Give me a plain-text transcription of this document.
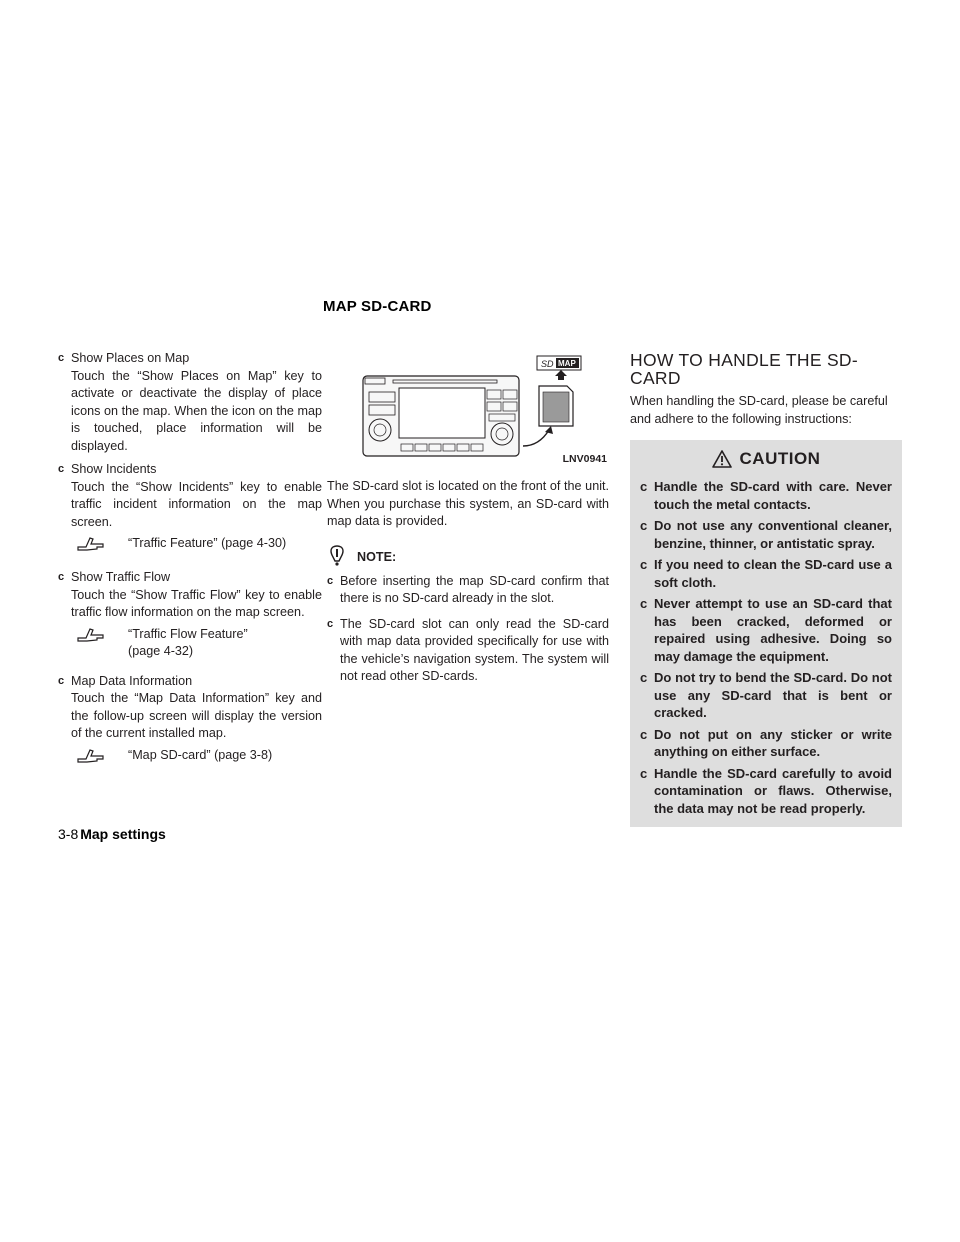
MAP SD-CARD
c Show Places on Map

Touch the “Show Places on Map” key to activate or deactivate the display of place icons on the map. When the icon on the map is touched, place information will be displayed.

c Show Incidents

Touch the “Show Incidents” key to enable traffic incident information on the map screen.

“Traffic Feature” (page 4-30)
c Show Traffic Flow

Touch the “Show Traffic Flow” key to enable traffic flow information on the map screen.

“Traffic Flow Feature”
(page 4-32)
c Map Data Information

Touch the “Map Data Information” key and the follow-up screen will display the version of the current installed map.

“Map SD-card” (page 3-8)
SD MAP
LNV0941

The SD-card slot is located on the front of the unit. When you purchase this system, an SD-card with map data is provided.

NOTE:
c Before inserting the map SD-card confirm that there is no SD-card already in the slot.
c The SD-card slot can only read the SD-card with map data provided specifically for use with the vehicle’s navigation system. The system will not read other SD-cards.
HOW TO HANDLE THE SD-CARD

When handling the SD-card, please be careful and adhere to the following instructions:

CAUTION
c Handle the SD-card with care. Never touch the metal contacts.
c Do not use any conventional cleaner, benzine, thinner, or antistatic spray.
c If you need to clean the SD-card use a soft cloth.
c Never attempt to use an SD-card that has been cracked, deformed or repaired using adhesive. Doing so may damage the equipment.
c Do not try to bend the SD-card. Do not use any SD-card that is bent or cracked.
c Do not put on any sticker or write anything on either surface.
c Handle the SD-card carefully to avoid contamination or flaws. Otherwise, the data may not be read properly.
3-8 Map settings
